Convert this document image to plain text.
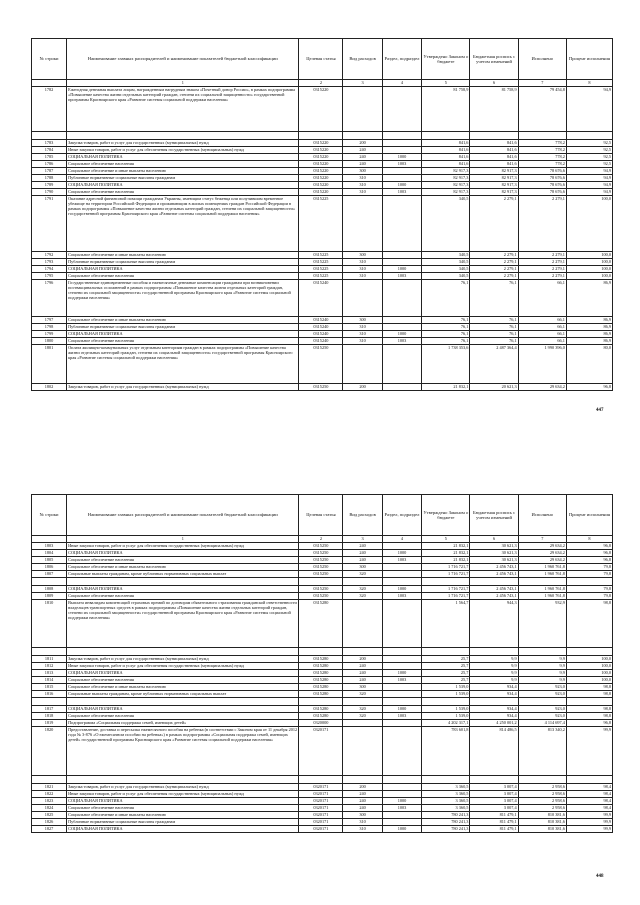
№ строки	Наименование главных распорядителей и наименование показателей бюджетной классификации	Целевая статья	Вид расходов	Раздел, подраздел	Утверждено Законом о бюджете	Бюджетная роспись с учетом изменений	Исполнено	Процент исполнения
	1	2	3	4	5	6	7	8
1782	Ежегодная денежная выплата лицам, награжденным нагрудным знаком «Почетный донор России», в рамках подпрограммы «Повышение качества жизни отдельных категорий граждан, степени их социальной защищенности» государственной программы Красноярского края «Развитие системы социальной поддержки населения»	0315220			81 758,9	81 758,9	79 454,8	94,9

1783	Закупка товаров, работ и услуг для государственных (муниципальных) нужд	0315220	200		841,6	841,6	778,2	92,5
1784	Иные закупки товаров, работ и услуг для обеспечения государственных (муниципальных) нужд	0315220	240		841,6	841,6	778,2	92,5
1785	СОЦИАЛЬНАЯ ПОЛИТИКА	0315220	240	1000	841,6	841,6	778,2	92,5
1786	Социальное обеспечение населения	0315220	240	1003	841,6	841,6	778,2	92,5
1787	Социальное обеспечение и иные выплаты населению	0315220	300		82 917,3	82 917,3	78 676,6	94,9
1788	Публичные нормативные социальные выплаты гражданам	0315220	310		82 917,3	82 917,3	78 676,6	94,9
1789	СОЦИАЛЬНАЯ ПОЛИТИКА	0315220	310	1000	82 917,3	82 917,3	78 676,6	94,9
1790	Социальное обеспечение населения	0315220	310	1003	82 917,3	82 917,3	78 676,6	94,9
1791	Оказание адресной финансовой помощи гражданам Украины, имеющим статус беженца или получившим временное убежище на территории Российской Федерации и проживающим в жилых помещениях граждан Российской Федерации в рамках подпрограммы «Повышение качества жизни отдельных категорий граждан, степени их социальной защищенности» государственной программы Красноярского края «Развитие системы социальной поддержки населения»	0315225			340,5	2 279,1	2 279,1	100,0
1792	Социальное обеспечение и иные выплаты населению	0315225	300		340,5	2 279,1	2 279,1	100,0
1793	Публичные нормативные социальные выплаты гражданам	0315225	310		340,5	2 279,1	2 279,1	100,0
1794	СОЦИАЛЬНАЯ ПОЛИТИКА	0315225	310	1000	340,5	2 279,1	2 279,1	100,0
1795	Социальное обеспечение населения	0315225	310	1003	340,5	2 279,1	2 279,1	100,0
1796	Государственные единовременные пособия и ежемесячные денежные компенсации гражданам при возникновении поствакцинальных осложнений в рамках подпрограммы «Повышение качества жизни отдельных категорий граждан, степени их социальной защищенности» государственной программы Красноярского края «Развитие системы социальной поддержки населения»	0315240			76,1	76,1	66,1	86,9
1797	Социальное обеспечение и иные выплаты населению	0315240	300		76,1	76,1	66,1	86,9
1798	Публичные нормативные социальные выплаты гражданам	0315240	310		76,1	76,1	66,1	86,9
1799	СОЦИАЛЬНАЯ ПОЛИТИКА	0315240	310	1000	76,1	76,1	66,1	86,9
1800	Социальное обеспечение населения	0315240	310	1003	76,1	76,1	66,1	86,9
1801	Оплата жилищно-коммунальных услуг отдельным категориям граждан в рамках подпрограммы «Повышение качества жизни отдельных категорий граждан, степени их социальной защищенности» государственной программы Красноярского края «Развитие системы социальной поддержки населения»	0315250			1 738 353,6	2 487 364,4	1 990 396,0	80,0
1802	Закупка товаров, работ и услуг для государственных (муниципальных) нужд	0315250	200		21 832,1	20 621,3	29 634,2	96,8
447
№ строки	Наименование главных распорядителей и наименование показателей бюджетной классификации	Целевая статья	Вид расходов	Раздел, подраздел	Утверждено Законом о бюджете	Бюджетная роспись с учетом изменений	Исполнено	Процент исполнения
	1	2	3	4	5	6	7	8
1803	Иные закупки товаров, работ и услуг для обеспечения государственных (муниципальных) нужд	0315250	240		21 832,1	30 621,3	29 634,2	96,8
1804	СОЦИАЛЬНАЯ ПОЛИТИКА	0315250	240	1000	21 832,1	30 621,3	29 634,2	96,8
1805	Социальное обеспечение населения	0315250	240	1003	21 832,1	30 621,3	29 634,2	96,8
1806	Социальное обеспечение и иные выплаты населению	0315250	300		1 716 721,7	2 456 743,1	1 960 761,8	79,8
1807	Социальные выплаты гражданам, кроме публичных нормативных социальных выплат	0315250	320		1 716 721,7	2 456 743,1	1 960 761,8	79,8

1808	СОЦИАЛЬНАЯ ПОЛИТИКА	0315250	320	1000	1 716 721,7	2 456 743,1	1 960 761,8	79,8
1809	Социальное обеспечение населения	0315250	320	1003	1 716 721,7	2 456 743,1	1 960 761,8	79,8
1810	Выплата инвалидам компенсаций страховых премий по договорам обязательного страхования гражданской ответственности владельцев транспортных средств в рамках подпрограммы «Повышение качества жизни отдельных категорий граждан, степени их социальной защищенности» государственной программы Красноярского края «Развитие системы социальной поддержки населения»	0315280			1 564,7	944,3	932,9	98,8

1811	Закупка товаров, работ и услуг для государственных (муниципальных) нужд	0315280	200		25,7	9,9	9,9	100,0
1812	Иные закупки товаров, работ и услуг для обеспечения государственных (муниципальных) нужд	0315280	240		25,7	9,9	9,9	100,0
1813	СОЦИАЛЬНАЯ ПОЛИТИКА	0315280	240	1000	25,7	9,9	9,9	100,0
1814	Социальное обеспечение населения	0315280	240	1003	25,7	9,9	9,9	100,0
1815	Социальное обеспечение и иные выплаты населению	0315280	300		1 539,0	934,4	923,0	98,8
1816	Социальные выплаты гражданам, кроме публичных нормативных социальных выплат	0315280	320		1 539,0	934,4	923,0	98,8

1817	СОЦИАЛЬНАЯ ПОЛИТИКА	0315280	320	1000	1 539,0	934,4	923,0	98,8
1818	Социальное обеспечение населения	0315280	320	1003	1 539,0	934,4	923,0	98,8
1819	Подпрограмма «Социальная поддержка семей, имеющих детей»	0320000			4 202 317,1	4 250 001,2	4 114 697,4	96,8
1820	Предоставление, доставка и пересылка ежемесячного пособия на ребенка (в соответствии с Законом края от 11 декабря 2012 года № 3-876 «О ежемесячном пособии на ребенка») в рамках подпрограммы «Социальная поддержка семей, имеющих детей» государственной программы Красноярского края «Развитие системы социальной поддержки населения»	0320171			783 601,8	814 486,5	813 340,2	99,9

1821	Закупка товаров, работ и услуг для государственных (муниципальных) нужд	0320171	200		3 360,5	3 007,4	2 958,6	98,4
1822	Иные закупки товаров, работ и услуг для обеспечения государственных (муниципальных) нужд	0320171	240		3 360,5	3 007,4	2 958,6	98,4
1823	СОЦИАЛЬНАЯ ПОЛИТИКА	0320171	240	1000	3 360,5	3 007,4	2 958,6	98,4
1824	Социальное обеспечение населения	0320171	240	1003	3 360,5	3 007,4	2 958,6	98,4
1825	Социальное обеспечение и иные выплаты населению	0320171	300		780 241,3	811 479,1	810 381,6	99,9
1826	Публичные нормативные социальные выплаты гражданам	0320171	310		780 241,3	811 479,1	810 381,6	99,9
1827	СОЦИАЛЬНАЯ ПОЛИТИКА	0320171	310	1000	780 241,3	811 479,1	810 381,6	99,9
448
